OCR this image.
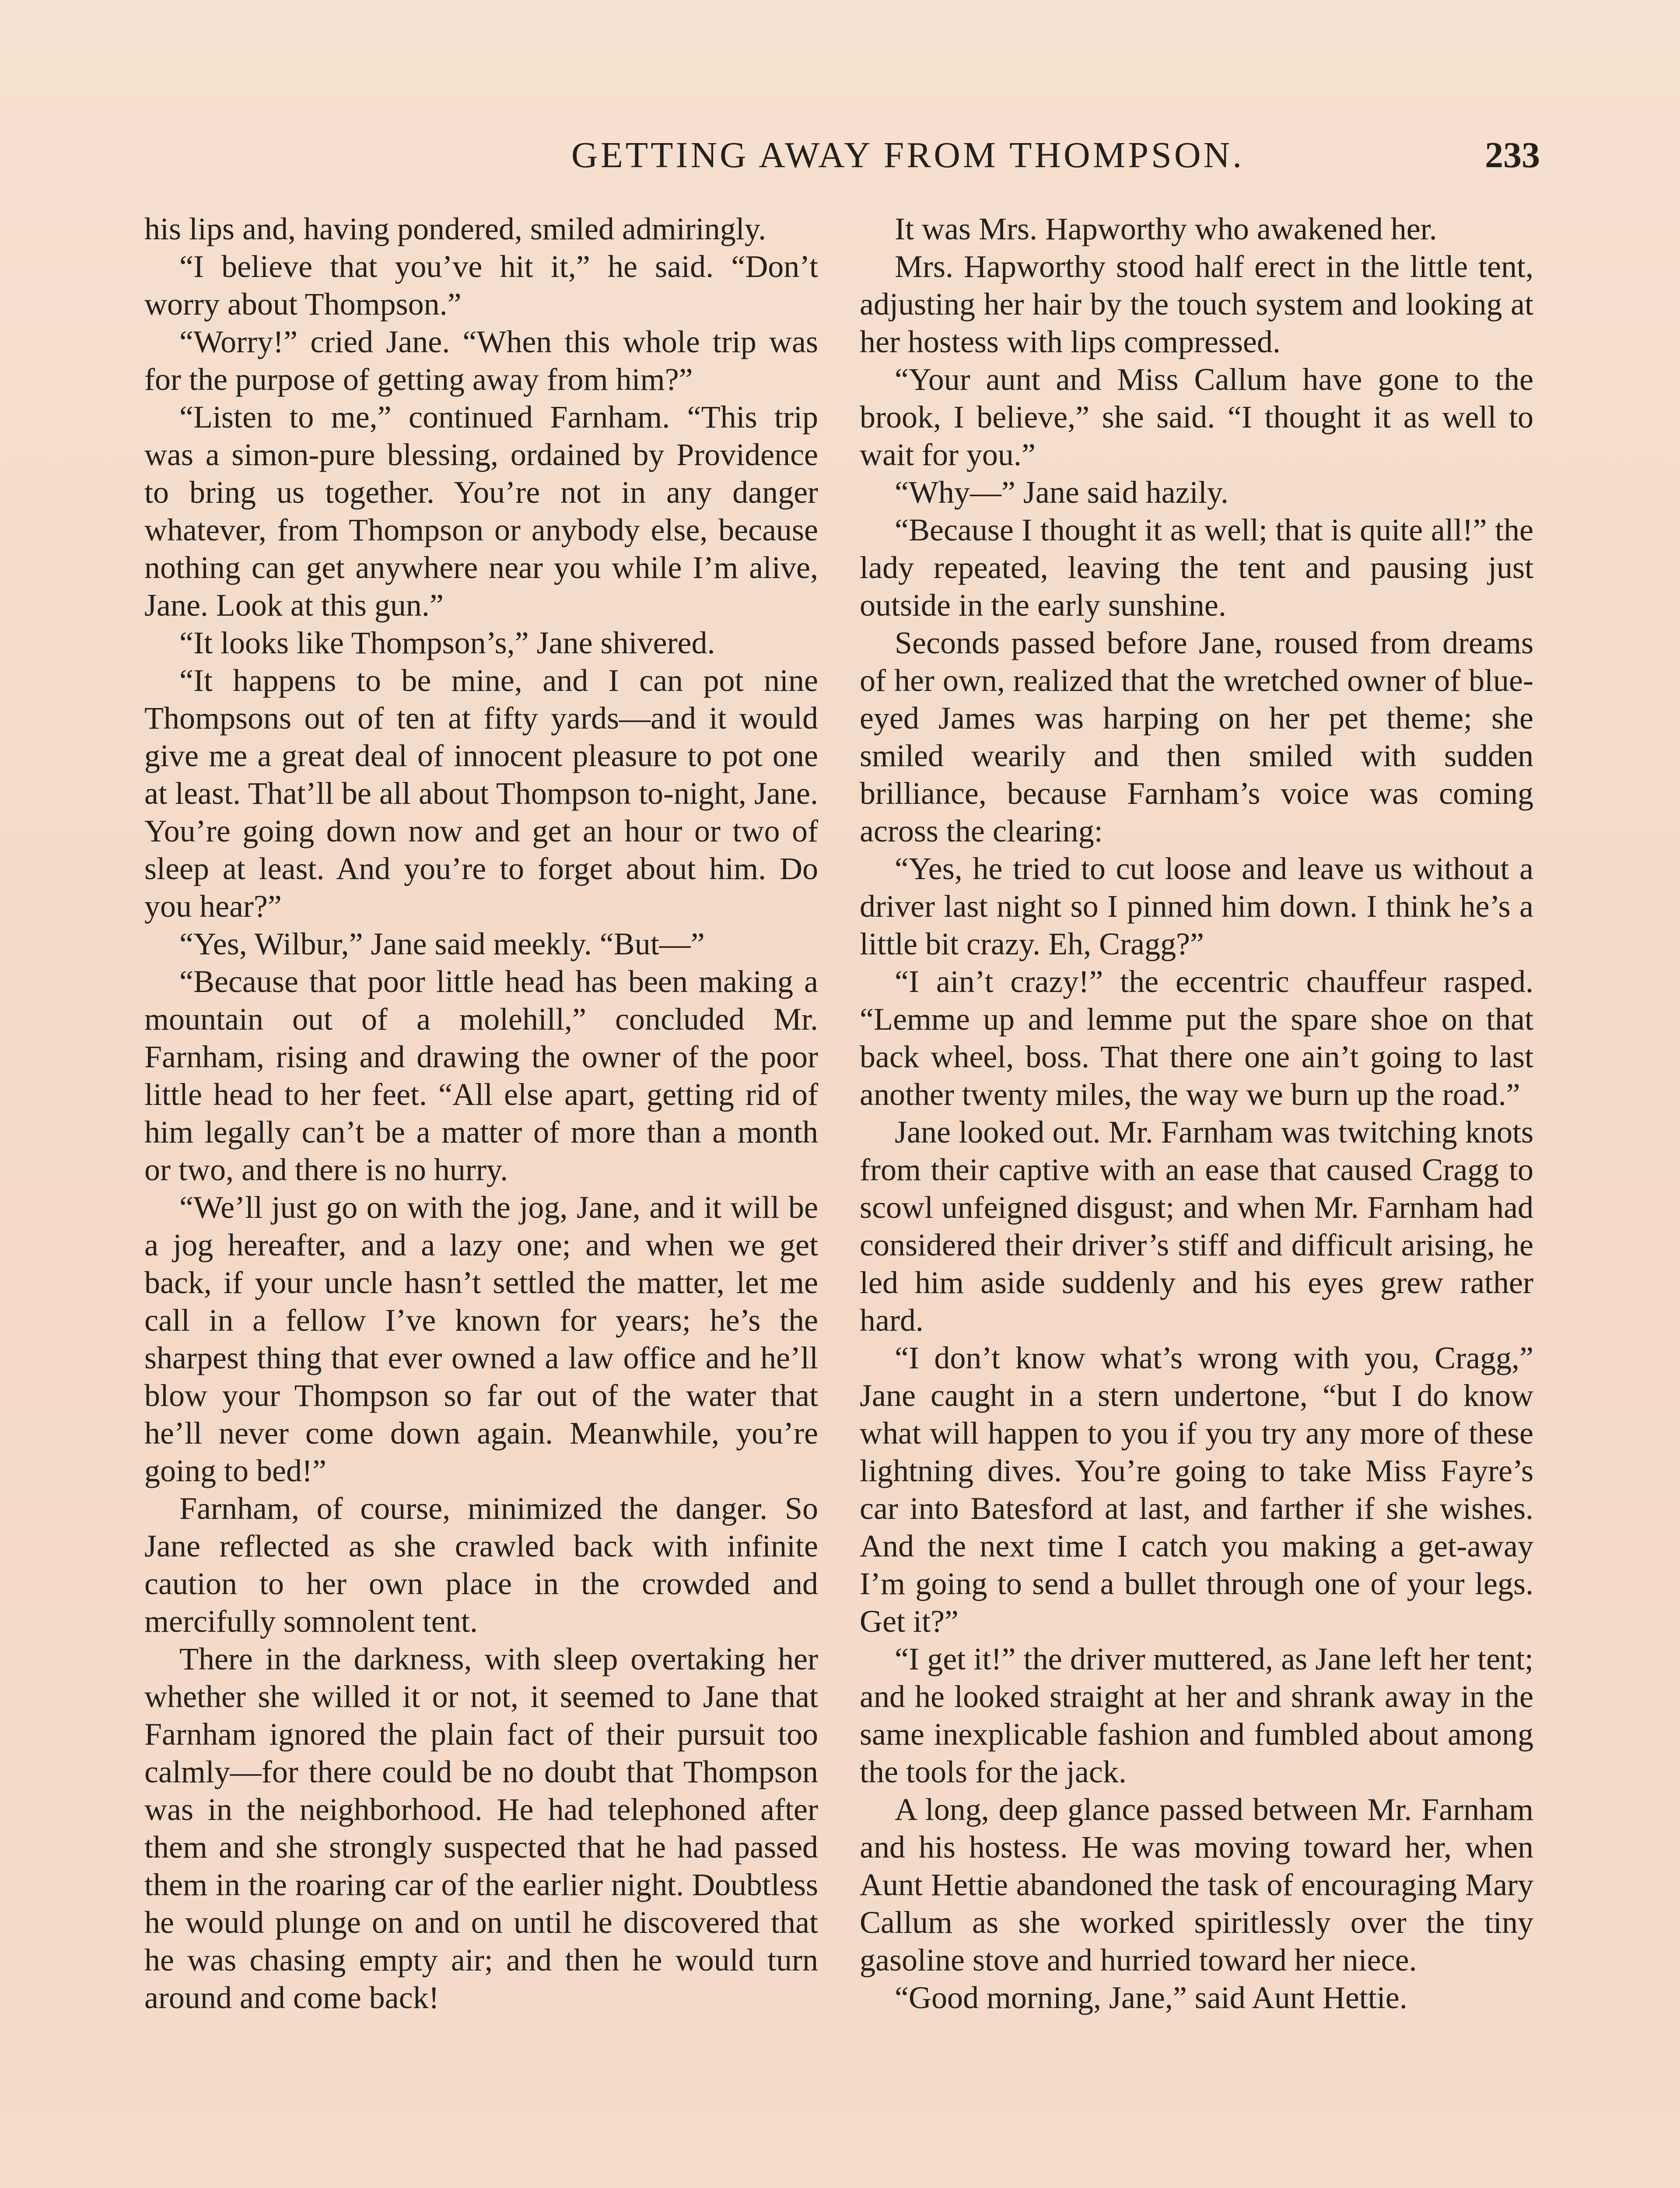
GETTING AWAY FROM THOMPSON.	233

his lips and, having pondered, smiled admiringly.

“I believe that you’ve hit it,” he said. “Don’t worry about Thompson.”

“Worry!” cried Jane. “When this whole trip was for the purpose of getting away from him?”

“Listen to me,” continued Farnham. “This trip was a simon-pure blessing, ordained by Providence to bring us together. You’re not in any danger whatever, from Thompson or anybody else, because nothing can get anywhere near you while I’m alive, Jane. Look at this gun.”

“It looks like Thompson’s,” Jane shivered.

“It happens to be mine, and I can pot nine Thompsons out of ten at fifty yards—and it would give me a great deal of innocent pleasure to pot one at least. That’ll be all about Thompson to-night, Jane. You’re going down now and get an hour or two of sleep at least. And you’re to forget about him. Do you hear?”

“Yes, Wilbur,” Jane said meekly. “But—”

“Because that poor little head has been making a mountain out of a molehill,” concluded Mr. Farnham, rising and drawing the owner of the poor little head to her feet. “All else apart, getting rid of him legally can’t be a matter of more than a month or two, and there is no hurry.

“We’ll just go on with the jog, Jane, and it will be a jog hereafter, and a lazy one; and when we get back, if your uncle hasn’t settled the matter, let me call in a fellow I’ve known for years; he’s the sharpest thing that ever owned a law office and he’ll blow your Thompson so far out of the water that he’ll never come down again. Meanwhile, you’re going to bed!”

Farnham, of course, minimized the danger. So Jane reflected as she crawled back with infinite caution to her own place in the crowded and mercifully somnolent tent.

There in the darkness, with sleep overtaking her whether she willed it or not, it seemed to Jane that Farnham ignored the plain fact of their pursuit too calmly—for there could be no doubt that Thompson was in the neighborhood. He had telephoned after them and she strongly suspected that he had passed them in the roaring car of the earlier night. Doubtless he would plunge on and on until he discovered that he was chasing empty air; and then he would turn around and come back!

It was Mrs. Hapworthy who awakened her.

Mrs. Hapworthy stood half erect in the little tent, adjusting her hair by the touch system and looking at her hostess with lips compressed.

“Your aunt and Miss Callum have gone to the brook, I believe,” she said. “I thought it as well to wait for you.”

“Why—” Jane said hazily.

“Because I thought it as well; that is quite all!” the lady repeated, leaving the tent and pausing just outside in the early sunshine.

Seconds passed before Jane, roused from dreams of her own, realized that the wretched owner of blue-eyed James was harping on her pet theme; she smiled wearily and then smiled with sudden brilliance, because Farnham’s voice was coming across the clearing:

“Yes, he tried to cut loose and leave us without a driver last night so I pinned him down. I think he’s a little bit crazy. Eh, Cragg?”

“I ain’t crazy!” the eccentric chauffeur rasped. “Lemme up and lemme put the spare shoe on that back wheel, boss. That there one ain’t going to last another twenty miles, the way we burn up the road.”

Jane looked out. Mr. Farnham was twitching knots from their captive with an ease that caused Cragg to scowl unfeigned disgust; and when Mr. Farnham had considered their driver’s stiff and difficult arising, he led him aside suddenly and his eyes grew rather hard.

“I don’t know what’s wrong with you, Cragg,” Jane caught in a stern undertone, “but I do know what will happen to you if you try any more of these lightning dives. You’re going to take Miss Fayre’s car into Batesford at last, and farther if she wishes. And the next time I catch you making a get-away I’m going to send a bullet through one of your legs. Get it?”

“I get it!” the driver muttered, as Jane left her tent; and he looked straight at her and shrank away in the same inexplicable fashion and fumbled about among the tools for the jack.

A long, deep glance passed between Mr. Farnham and his hostess. He was moving toward her, when Aunt Hettie abandoned the task of encouraging Mary Callum as she worked spiritlessly over the tiny gasoline stove and hurried toward her niece.

“Good morning, Jane,” said Aunt Hettie.
